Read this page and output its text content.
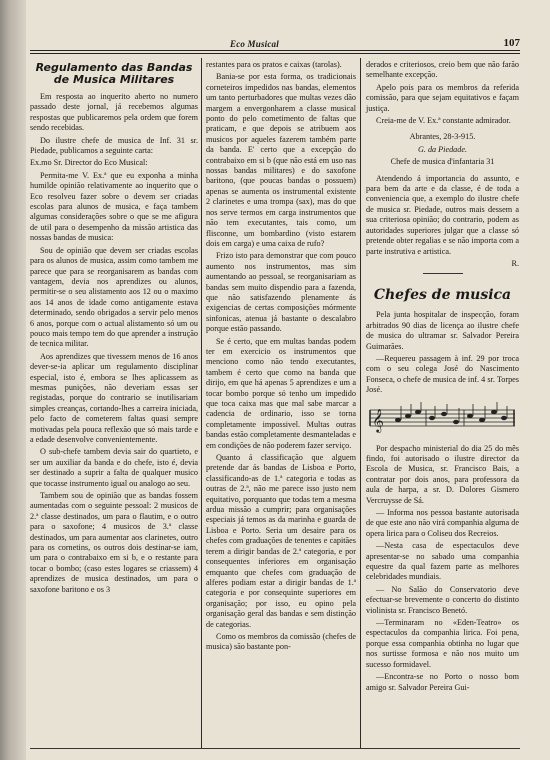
Eco Musical	107
Regulamento das Bandas
de Musica Militares

Em resposta ao inquerito aberto no numero passado deste jornal, já recebemos algumas respostas que publicaremos pela ordem que forem sendo recebidas.

Do ilustre chefe de musica de Inf. 31 sr. Piedade, publicamos a seguinte carta:

Ex.mo Sr. Director do Eco Musical:

Permita-me V. Ex.ª que eu exponha a minha humilde opinião relativamente ao inquerito que o Eco resolveu fazer sobre o devem ser criadas escolas para alunos de musica, e faça tambem algumas considerações sobre o que se me afigura de util para o desempenho da missão artistica das nossas bandas de musica:

Sou de opinião que devem ser criadas escolas para os alunos de musica, assim como tambem me parece que para se reorganisarem as bandas com vantagem, devia nos aprendizes ou alunos, permitir-se o seu alistamento aos 12 ou o maximo aos 14 anos de idade como antigamente estava determinado, sendo obrigados a servir pelo menos 6 anos, porque com o actual alistamento só um ou pouco mais tempo tem do que aprender a instrução de tecnica militar.

Aos aprendizes que tivessem menos de 16 anos dever-se-ia aplicar um regulamento disciplinar especial, isto é, embora se lhes aplicassem as mesmas punições, não deveriam essas ser registadas, porque do contrario se inutilisariam simples creanças, cortando-lhes a carreira iniciada, pelo facto de cometerem faltas quasi sempre motivadas pela pouca reflexão que só mais tarde e a edade desenvolve convenientemente.

O sub-chefe tambem devia sair do quartieto, e ser um auxiliar da banda e do chefe, isto é, devia ser destinado a suprir a falta de qualquer musico que tocasse instrumento igual ou analogo ao seu.

Tambem sou de opinião que as bandas fossem aumentadas com o seguinte pessoal: 2 musicos de 2.ª classe destinados, um para o flautim, e o outro para o saxofone; 4 musicos de 3.ª classe destinados, um para aumentar aos clarinetes, outro para os cornetins, os outros dois destinar-se iam, um para o contrabaixo em si b, e o restante para tocar o bombo; (caso estes logares se criassem) 4 aprendizes de musica destinados, um para o saxofone baritono e os 3

restantes para os pratos e caixas (tarolas).

Bania-se por esta forma, os tradicionais corneteiros impedidos nas bandas, elementos um tanto perturbadores que multas vezes dão margem a envergonharem a classe musical ponto do pelo cometimento de faltas que praticam, e que depois se atribuem aos musicos por aqueles fazerem também parte da banda. E' certo que a excepção do contrabaixo em si b (que não está em uso nas nossas bandas militares) e do saxofone baritono, (que poucas bandas o possuem) apenas se aumenta os instrumental existente 2 clarinetes e uma trompa (sax), mas do que nos serve termos em carga instrumentos que não tem executantes, tais como, um flisconne, um bombardino (visto estarem dois em carga) e uma caixa de rufo?

Frizo isto para demonstrar que com pouco aumento nos instrumentos, mas sim aumentando ao pessoal, se reorganisariam as bandas sem muito dispendio para a fazenda, que não satisfazendo plenamente ás exigencias de certas composições mórmente sinfonicas, atenua já bastante o descalabro porque estão passando.

Se é certo, que em multas bandas podem ter em exercicio os instrumentos que menciono como não tendo executantes, tambem é certo que como na banda que dirijo, em que há apenas 5 aprendizes e um a tocar bombo porque só tenho um impedido que toca caixa mas que mal sabe marcar a cadencia de ordinario, isso se torna completamente impossivel. Multas outras bandas estão completamente desmanteladas e em condições de não poderem fazer serviço.

Quanto á classificação que alguem pretende dar ás bandas de Lisboa e Porto, classificando-as de 1.ª categoria e todas as outras de 2.ª, não me parece isso justo nem equitativo, porquanto que todas tem a mesma ardua missão a cumprir; para organisações especiais já temos as da marinha e guarda de Lisboa e Porto. Seria um desaire para os chefes com graduações de tenentes e capitães terem a dirigir bandas de 2.ª categoria, e por consequentes inferiores em organisação emquanto que chefes com graduação de alferes podiam estar a dirigir bandas de 1.ª categoria e por consequinte superiores em organisação; por isso, eu opino pela organisação geral das bandas e sem distinção de categorias.

Como os membros da comissão (chefes de musica) são bastante pon-

derados e criteriosos, creio bem que não farão semelhante excepção.

Apelo pois para os membros da referida comissão, para que sejam equitativos e façam justiça.

Creia-me de V. Ex.ª constante admirador.

Abrantes, 28-3-915.

G. da Piedade.

Chefe de musica d'infantaria 31

Atendendo á importancia do assunto, e para bem da arte e da classe, é de toda a conveniencia que, a exemplo do ilustre chefe de musica sr. Piedade, outros mais dessem a sua criteriosa opinião; do contrario, podem as autoridades superiores julgar que a classe só pretende obter regalias e se não importa com a parte instrutiva e artistica.

R.

Chefes de musica

Pela junta hospitalar de inspecção, foram arbitrados 90 dias de licença ao ilustre chefe de musica do ultramar sr. Salvador Pereira Guimarães.

—Requereu passagem à inf. 29 por troca com o seu colega José do Nascimento Fonseca, o chefe de musica de inf. 4 sr. Torpes José.

𝄞

Por despacho ministerial do dia 25 do mês findo, foi autorisado o ilustre director da Escola de Musica, sr. Francisco Bais, a contratar por dois anos, para professora da aula de harpa, a sr. D. Dolores Gismero Vercruysse de Sá.

— Informa nos pessoa bastante autorisada de que este ano não virá companhia alguma de opera lirica para o Coliseu dos Recreios.

—Nesta casa de espectaculos deve apresentar-se no sabado uma companhia equestre da qual fazem parte as melhores celebridades mundiais.

— No Salão do Conservatorio deve efectuar-se brevemente o concerto do distinto violinista sr. Francisco Benetó.

—Terminaram no «Eden-Teatro» os espectaculos da companhia lirica. Foi pena, porque essa companhia obtinha no lugar que nos surtisse formosa e não nos muito um sucesso formidavel.

—Encontra-se no Porto o nosso bom amigo sr. Salvador Pereira Gui-
